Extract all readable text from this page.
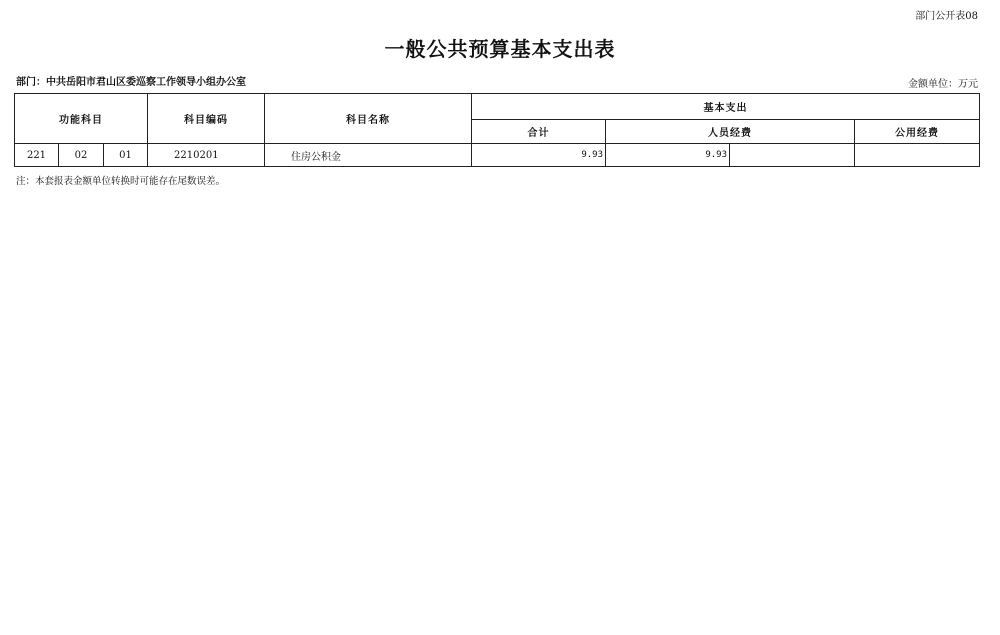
部门公开表08
一般公共预算基本支出表
部门：中共岳阳市君山区委巡察工作领导小组办公室	金额单位：万元
功能科目			科目编码	科目名称	基本支出			
					合计	人员经费		公用经费
221	02	01	2210201	住房公积金	9.93	9.93		
注：本套报表金额单位转换时可能存在尾数误差。
